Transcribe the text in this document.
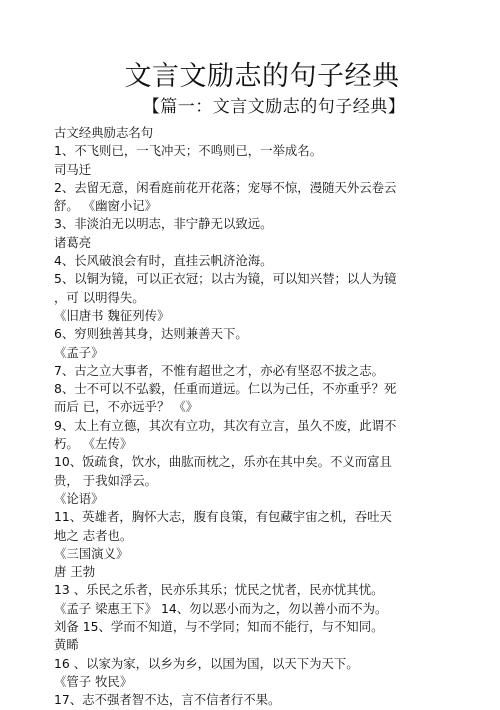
文言文励志的句子经典
【篇一：文言文励志的句子经典】

古文经典励志名句

1、不飞则已，一飞冲天；不鸣则已，一举成名。

司马迁

2、去留无意，闲看庭前花开花落；宠辱不惊，漫随天外云卷云

舒。 《幽窗小记》

3、非淡泊无以明志，非宁静无以致远。

诸葛亮

4、长风破浪会有时，直挂云帆济沧海。

5、以铜为镜，可以正衣冠；以古为镜，可以知兴替；以人为镜

，可 以明得失。

《旧唐书 魏征列传》

6、穷则独善其身，达则兼善天下。

《孟子》

7、古之立大事者，不惟有超世之才，亦必有坚忍不拔之志。

8、士不可以不弘毅，任重而道远。仁以为己任，不亦重乎？死

而后 已，不亦远乎？ 《》

9、太上有立德，其次有立功，其次有立言，虽久不废，此谓不

朽。 《左传》

10、饭疏食，饮水，曲肱而枕之，乐亦在其中矣。不义而富且

贵， 于我如浮云。

《论语》

11、英雄者，胸怀大志，腹有良策，有包藏宇宙之机，吞吐天

地之 志者也。

《三国演义》

唐 王勃

13 、乐民之乐者，民亦乐其乐；忧民之忧者，民亦忧其忧。

《孟子 梁惠王下》 14、勿以恶小而为之，勿以善小而不为。

刘备 15、学而不知道，与不学同；知而不能行，与不知同。

黄睎

16 、以家为家，以乡为乡，以国为国，以天下为天下。

《管子 牧民》

17、志不强者智不达，言不信者行不果。
